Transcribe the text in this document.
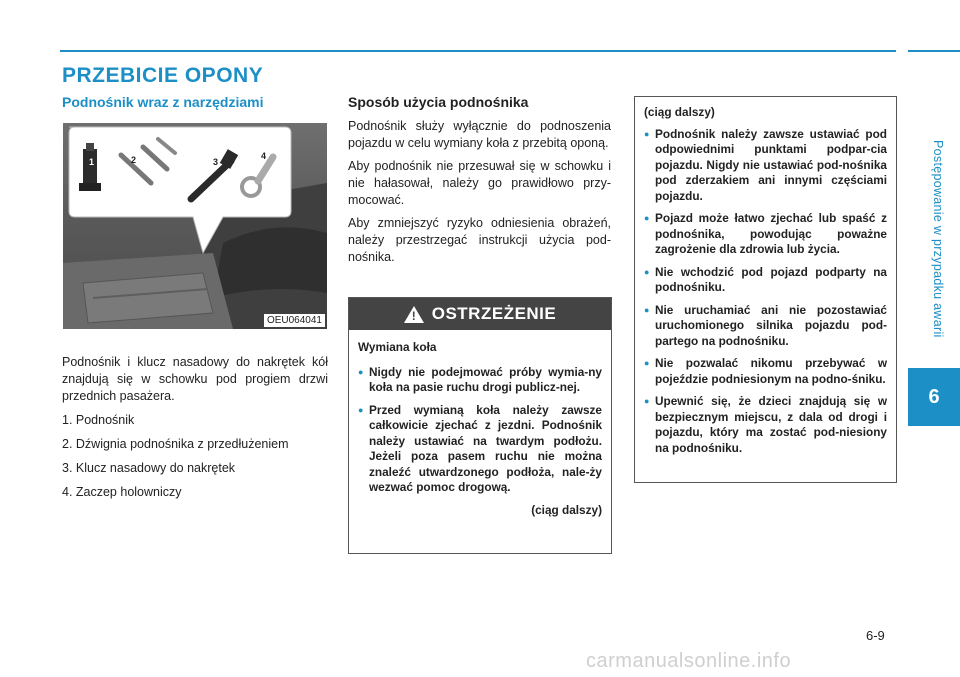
PRZEBICIE OPONY
Podnośnik wraz z narzędziami
1	2	3
4
OEU064041

Podnośnik i klucz nasadowy do nakrętek kół znajdują się w schowku pod progiem drzwi przednich pasażera.

1. Podnośnik
2. Dźwignia podnośnika z przedłużeniem
3. Klucz nasadowy do nakrętek
4. Zaczep holowniczy
Sposób użycia podnośnika

Podnośnik służy wyłącznie do podnoszenia pojazdu w celu wymiany koła z przebitą oponą.

Aby podnośnik nie przesuwał się w schowku i nie hałasował, należy go prawidłowo przy-mocować.

Aby zmniejszyć ryzyko odniesienia obrażeń, należy przestrzegać instrukcji użycia pod-nośnika.

! OSTRZEŻENIE
Wymiana koła
● Nigdy nie podejmować próby wymia-ny koła na pasie ruchu drogi publicz-nej.
● Przed wymianą koła należy zawsze całkowicie zjechać z jezdni. Podnośnik należy ustawiać na twardym podłożu. Jeżeli poza pasem ruchu nie można znaleźć utwardzonego podłoża, nale-ży wezwać pomoc drogową.
(ciąg dalszy)
(ciąg dalszy)
● Podnośnik należy zawsze ustawiać pod odpowiednimi punktami podpar-cia pojazdu. Nigdy nie ustawiać pod-nośnika pod zderzakiem ani innymi częściami pojazdu.
● Pojazd może łatwo zjechać lub spaść z podnośnika, powodując poważne zagrożenie dla zdrowia lub życia.
● Nie wchodzić pod pojazd podparty na podnośniku.
● Nie uruchamiać ani nie pozostawiać uruchomionego silnika pojazdu pod-partego na podnośniku.
● Nie pozwalać nikomu przebywać w pojeździe podniesionym na podno-śniku.
● Upewnić się, że dzieci znajdują się w bezpiecznym miejscu, z dala od drogi i pojazdu, który ma zostać pod-niesiony na podnośniku.
Postępowanie w przypadku awarii
6
6-9
carmanualsonline.info
